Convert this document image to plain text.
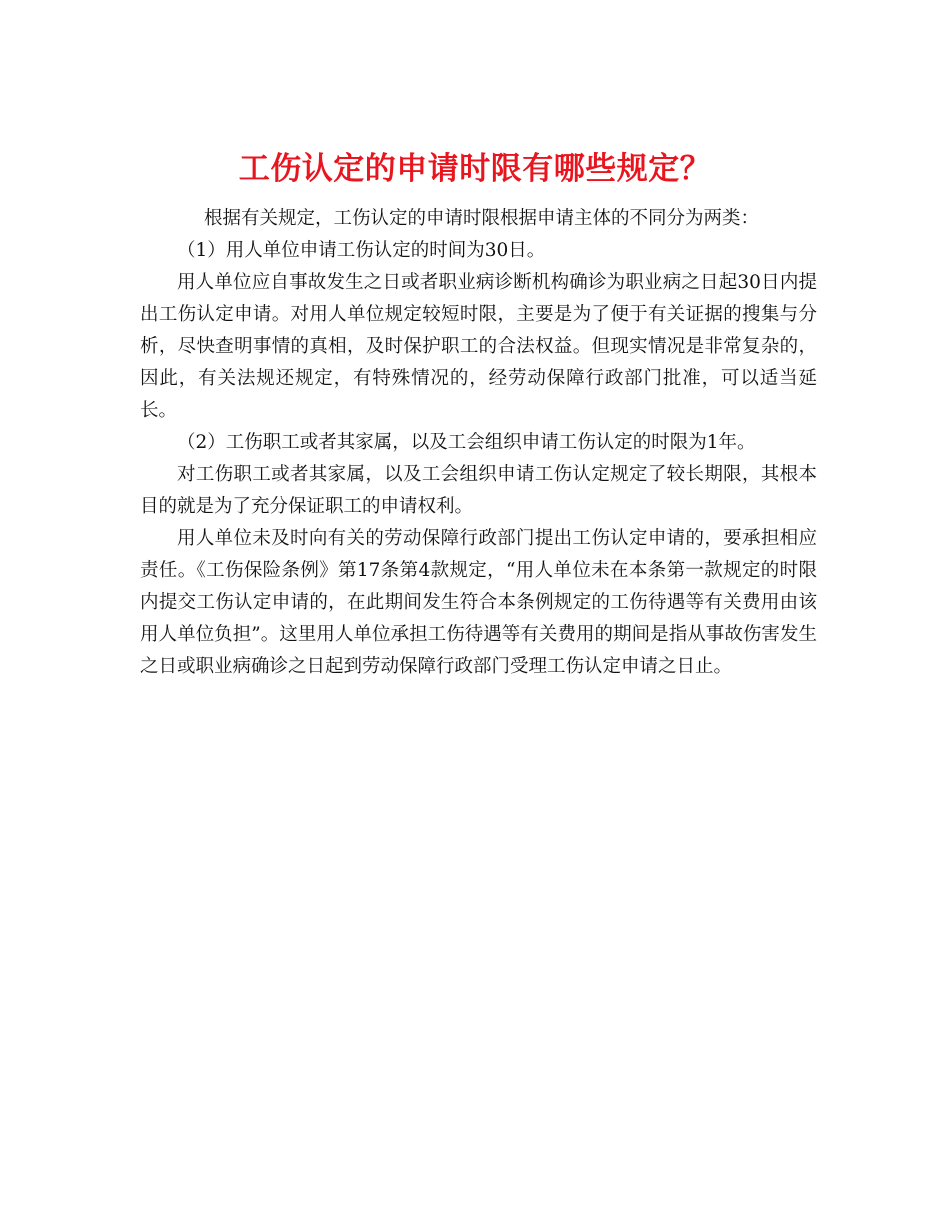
工伤认定的申请时限有哪些规定？

根据有关规定，工伤认定的申请时限根据申请主体的不同分为两类：

（1）用人单位申请工伤认定的时间为30日。

用人单位应自事故发生之日或者职业病诊断机构确诊为职业病之日起30日内提出工伤认定申请。对用人单位规定较短时限，主要是为了便于有关证据的搜集与分析，尽快查明事情的真相，及时保护职工的合法权益。但现实情况是非常复杂的，因此，有关法规还规定，有特殊情况的，经劳动保障行政部门批准，可以适当延长。

（2）工伤职工或者其家属，以及工会组织申请工伤认定的时限为1年。

对工伤职工或者其家属，以及工会组织申请工伤认定规定了较长期限，其根本目的就是为了充分保证职工的申请权利。

用人单位未及时向有关的劳动保障行政部门提出工伤认定申请的，要承担相应责任。《工伤保险条例》第17条第4款规定，“用人单位未在本条第一款规定的时限内提交工伤认定申请的，在此期间发生符合本条例规定的工伤待遇等有关费用由该用人单位负担”。这里用人单位承担工伤待遇等有关费用的期间是指从事故伤害发生之日或职业病确诊之日起到劳动保障行政部门受理工伤认定申请之日止。
